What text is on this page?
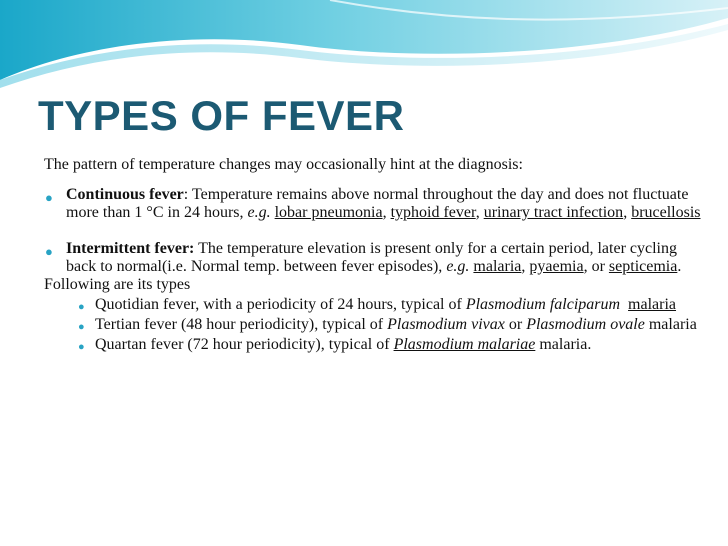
TYPES OF FEVER

The pattern of temperature changes may occasionally hint at the diagnosis:

● Continuous fever: Temperature remains above normal throughout the day and does not fluctuate more than 1 °C in 24 hours, e.g. lobar pneumonia, typhoid fever, urinary tract infection, brucellosis
● Intermittent fever: The temperature elevation is present only for a certain period, later cycling back to normal(i.e. Normal temp. between fever episodes), e.g. malaria, pyaemia, or septicemia.

Following are its types

● Quotidian fever, with a periodicity of 24 hours, typical of Plasmodium falciparum malaria
● Tertian fever (48 hour periodicity), typical of Plasmodium vivax or Plasmodium ovale malaria
● Quartan fever (72 hour periodicity), typical of Plasmodium malariae malaria.
